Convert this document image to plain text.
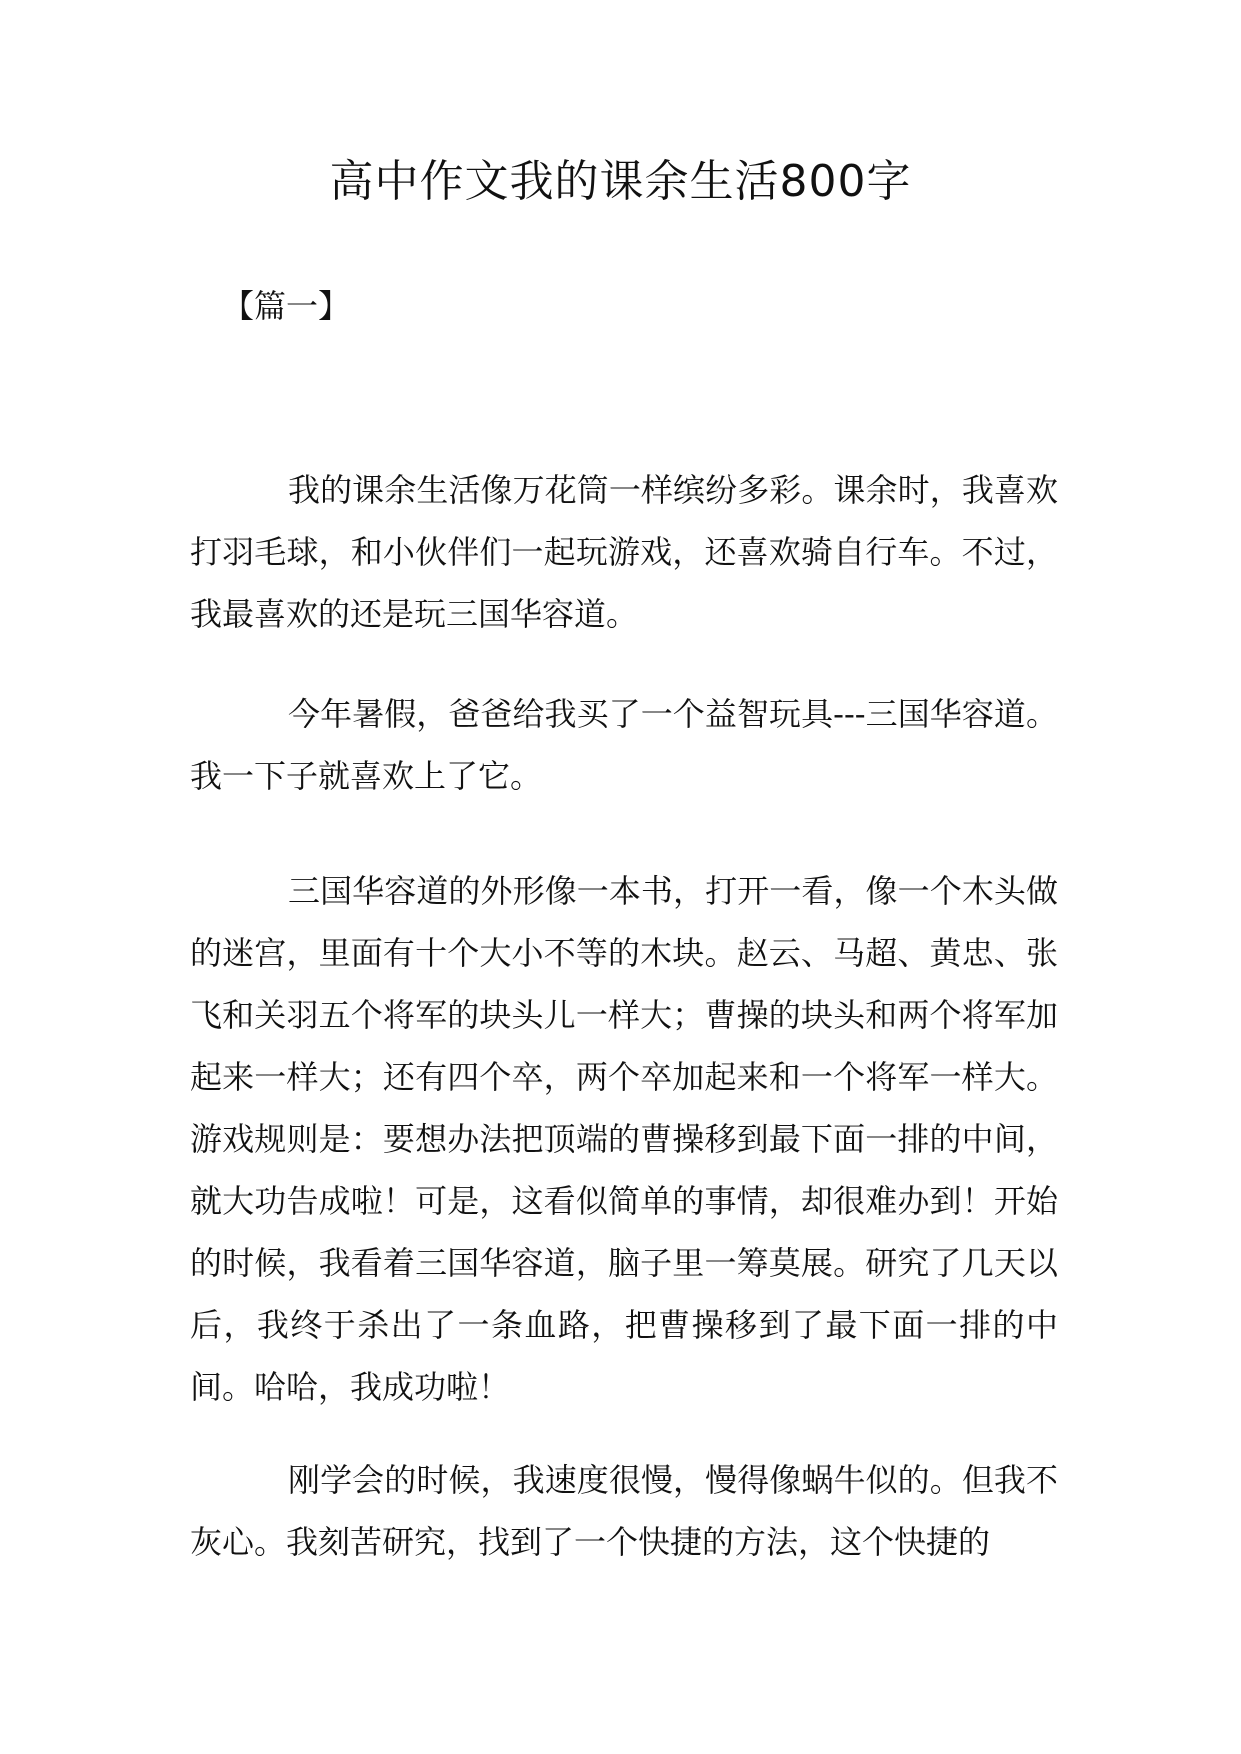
高中作文我的课余生活800字
【篇一】

我的课余生活像万花筒一样缤纷多彩。课余时，我喜欢打羽毛球，和小伙伴们一起玩游戏，还喜欢骑自行车。不过，我最喜欢的还是玩三国华容道。

今年暑假，爸爸给我买了一个益智玩具---三国华容道。我一下子就喜欢上了它。

三国华容道的外形像一本书，打开一看，像一个木头做的迷宫，里面有十个大小不等的木块。赵云、马超、黄忠、张飞和关羽五个将军的块头儿一样大；曹操的块头和两个将军加起来一样大；还有四个卒，两个卒加起来和一个将军一样大。游戏规则是：要想办法把顶端的曹操移到最下面一排的中间，就大功告成啦！可是，这看似简单的事情，却很难办到！开始的时候，我看着三国华容道，脑子里一筹莫展。研究了几天以后，我终于杀出了一条血路，把曹操移到了最下面一排的中间。哈哈，我成功啦！

刚学会的时候，我速度很慢，慢得像蜗牛似的。但我不灰心。我刻苦研究，找到了一个快捷的方法，这个快捷的
